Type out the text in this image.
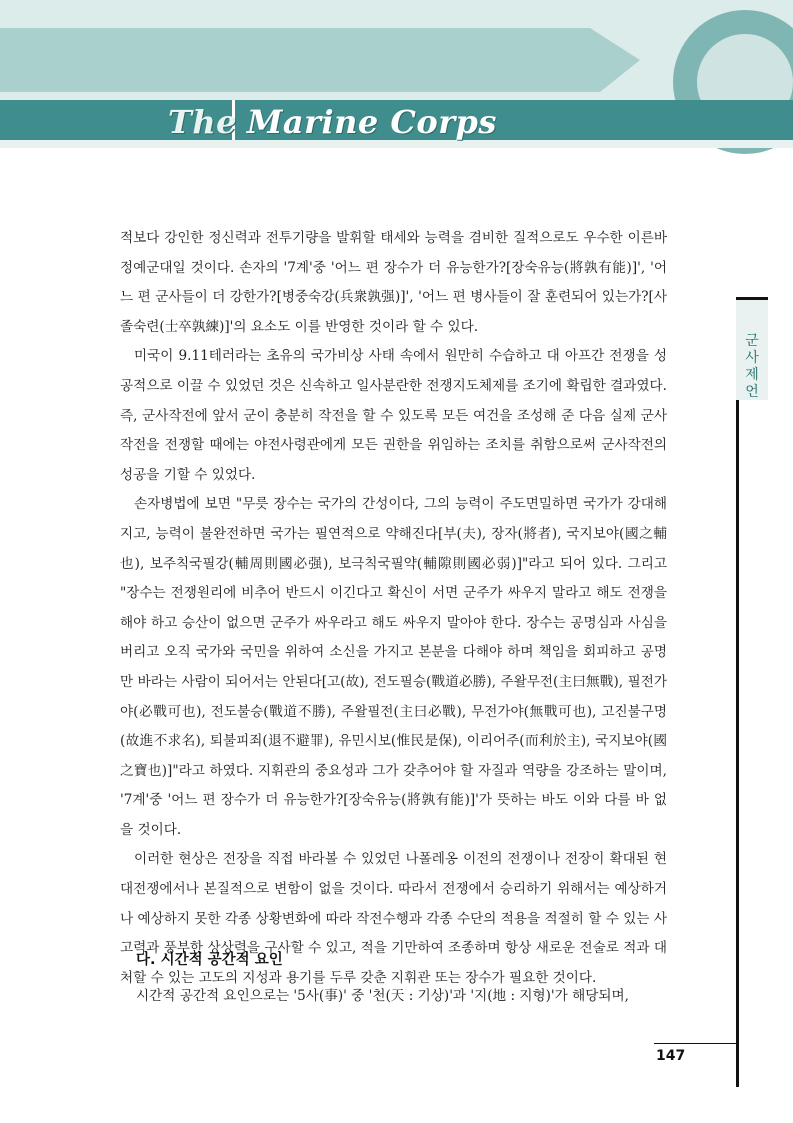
The Marine Corps

적보다 강인한 정신력과 전투기량을 발휘할 태세와 능력을 겸비한 질적으로도 우수한 이른바 정예군대일 것이다. 손자의 '7계'중 '어느 편 장수가 더 유능한가?[장숙유능(將孰有能)]', '어느 편 군사들이 더 강한가?[병중숙강(兵衆孰强)]', '어느 편 병사들이 잘 훈련되어 있는가?[사졸숙련(士卒孰練)]'의 요소도 이를 반영한 것이라 할 수 있다.

미국이 9.11테러라는 초유의 국가비상 사태 속에서 원만히 수습하고 대 아프간 전쟁을 성공적으로 이끌 수 있었던 것은 신속하고 일사분란한 전쟁지도체제를 조기에 확립한 결과였다. 즉, 군사작전에 앞서 군이 충분히 작전을 할 수 있도록 모든 여건을 조성해 준 다음 실제 군사작전을 전쟁할 때에는 야전사령관에게 모든 권한을 위임하는 조치를 취함으로써 군사작전의 성공을 기할 수 있었다.

손자병법에 보면 "무릇 장수는 국가의 간성이다, 그의 능력이 주도면밀하면 국가가 강대해지고, 능력이 불완전하면 국가는 필연적으로 약해진다[부(夫), 장자(將者), 국지보야(國之輔也), 보주칙국필강(輔周則國必强), 보극칙국필약(輔隙則國必弱)]"라고 되어 있다. 그리고 "장수는 전쟁원리에 비추어 반드시 이긴다고 확신이 서면 군주가 싸우지 말라고 해도 전쟁을 해야 하고 승산이 없으면 군주가 싸우라고 해도 싸우지 말아야 한다. 장수는 공명심과 사심을 버리고 오직 국가와 국민을 위하여 소신을 가지고 본분을 다해야 하며 책임을 회피하고 공명만 바라는 사람이 되어서는 안된다[고(故), 전도필승(戰道必勝), 주왈무전(主曰無戰), 필전가야(必戰可也), 전도불승(戰道不勝), 주왈필전(主曰必戰), 무전가야(無戰可也), 고진불구명(故進不求名), 퇴불피죄(退不避罪), 유민시보(惟民是保), 이리어주(而利於主), 국지보야(國之寶也)]"라고 하였다. 지휘관의 중요성과 그가 갖추어야 할 자질과 역량을 강조하는 말이며, '7계'중 '어느 편 장수가 더 유능한가?[장숙유능(將孰有能)]'가 뜻하는 바도 이와 다를 바 없을 것이다.

이러한 현상은 전장을 직접 바라볼 수 있었던 나폴레옹 이전의 전쟁이나 전장이 확대된 현대전쟁에서나 본질적으로 변함이 없을 것이다. 따라서 전쟁에서 승리하기 위해서는 예상하거나 예상하지 못한 각종 상황변화에 따라 작전수행과 각종 수단의 적용을 적절히 할 수 있는 사고력과 풍부한 상상력을 구사할 수 있고, 적을 기만하여 조종하며 항상 새로운 전술로 적과 대처할 수 있는 고도의 지성과 용기를 두루 갖춘 지휘관 또는 장수가 필요한 것이다.

다. 시간적 공간적 요인
시간적 공간적 요인으로는 '5사(事)' 중 '천(天 : 기상)'과 '지(地 : 지형)'가 해당되며,
군사제언
147
